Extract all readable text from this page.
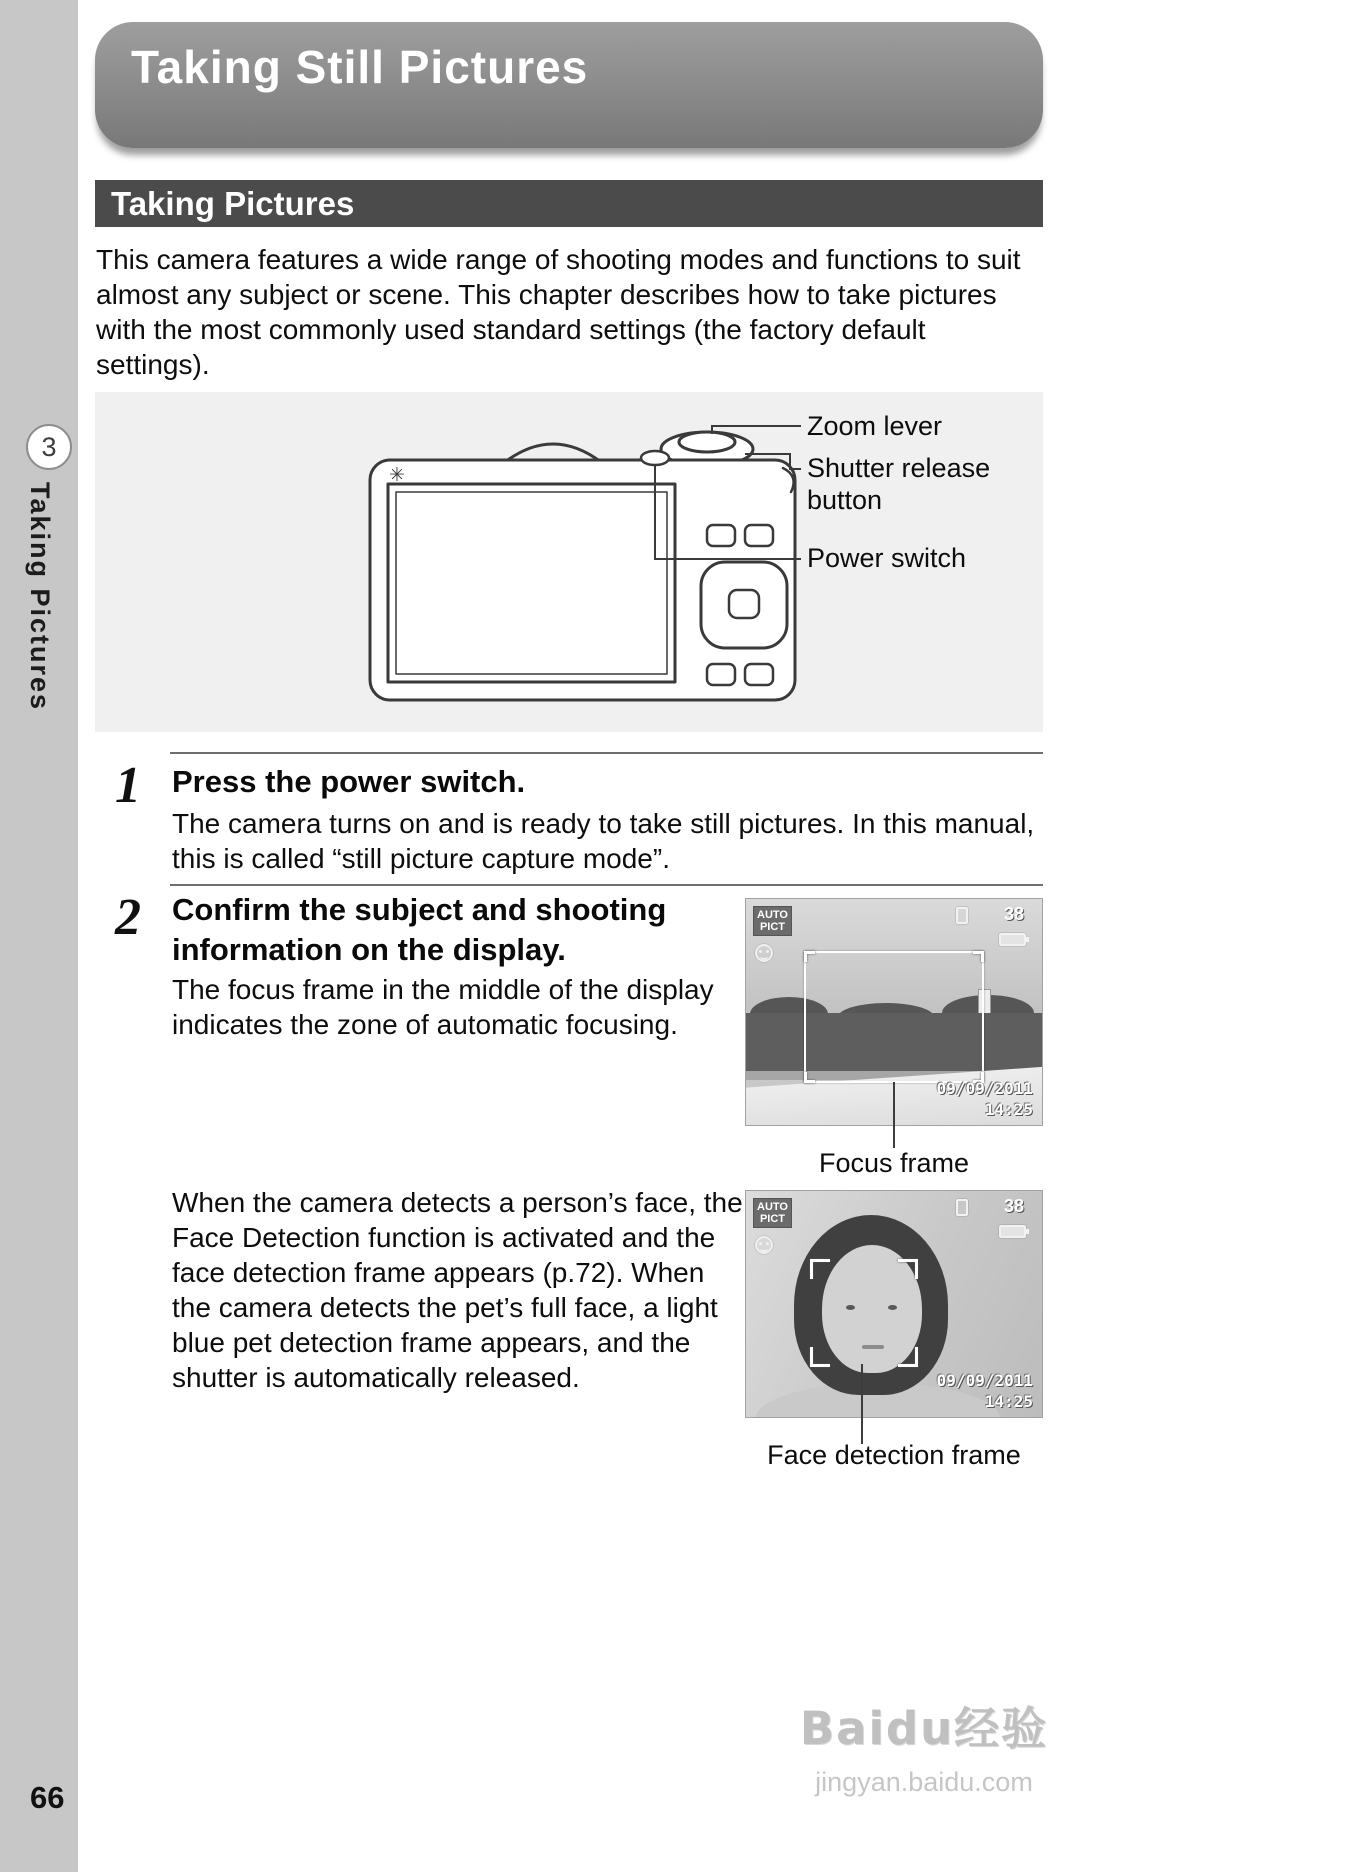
3
Taking Pictures
66
Taking Still Pictures
Taking Pictures
This camera features a wide range of shooting modes and functions to suit almost any subject or scene. This chapter describes how to take pictures with the most commonly used standard settings (the factory default settings).
✳
Zoom lever
Shutter release button
Power switch
1	Press the power switch.
The camera turns on and is ready to take still pictures. In this manual, this is called “still picture capture mode”.
2	Confirm the subject and shooting information on the display.
The focus frame in the middle of the display indicates the zone of automatic focusing.
When the camera detects a person’s face, the Face Detection function is activated and the face detection frame appears (p.72). When the camera detects the pet’s full face, a light blue pet detection frame appears, and the shutter is automatically released.
AUTO
PICT
38
09/09/2011
14:25
Focus frame
AUTO
PICT
38
09/09/2011
14:25
Face detection frame
Baidu经验
jingyan.baidu.com
